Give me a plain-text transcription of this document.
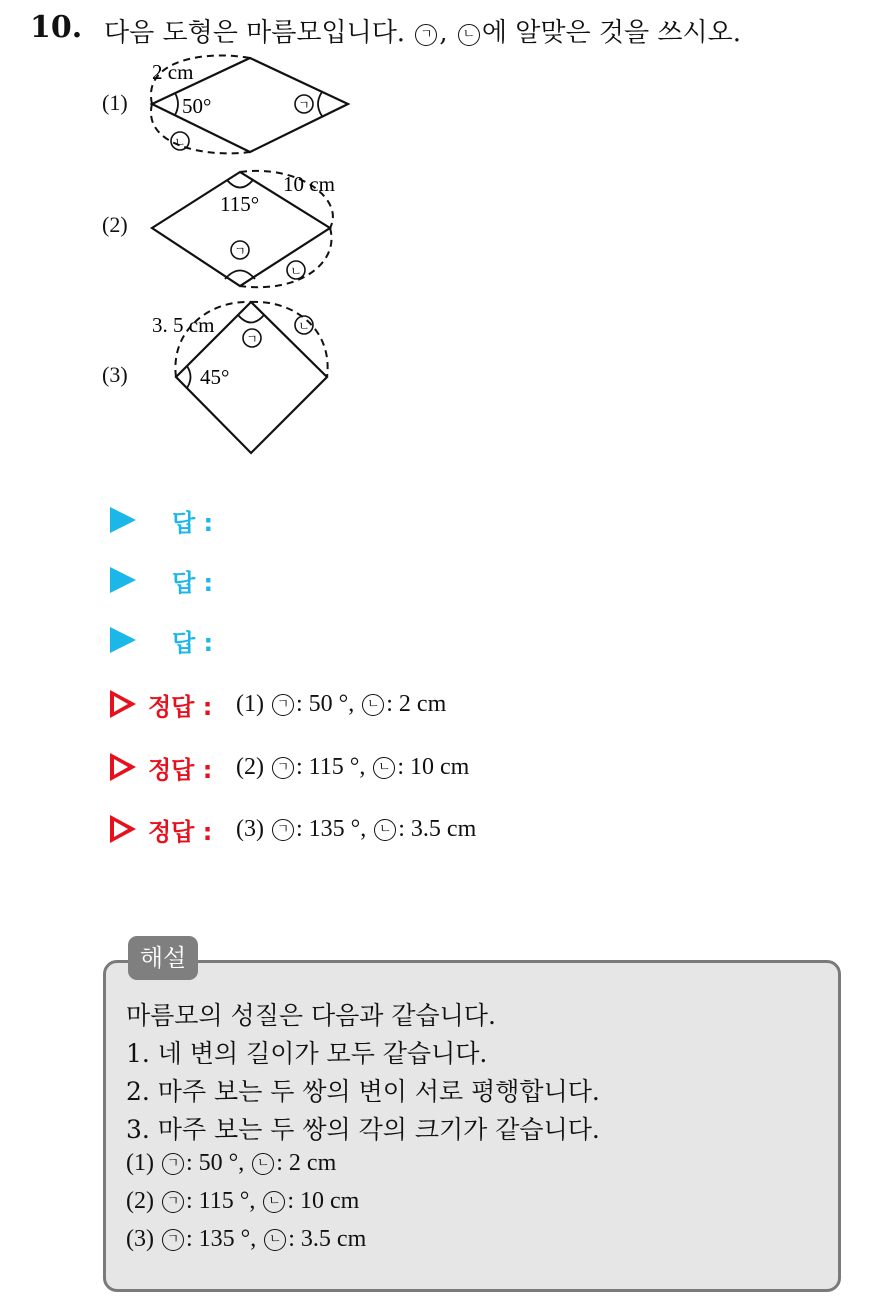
10. 다음 도형은 마름모입니다. ㄱ , ㄴ 에 알맞은 것을 쓰시오.
(1)
2 cm
50°	ㄱ
ㄴ
(2)
10 cm
115°
ㄱ
ㄴ
(3)
3. 5 cm
45°
ㄱ
ㄴ
답 :
답 :
답 :
정답 : (1) ㄱ : 50 °, ㄴ : 2 cm
정답 : (2) ㄱ : 115 °, ㄴ : 10 cm
정답 : (3) ㄱ : 135 °, ㄴ : 3.5 cm
해설
마름모의 성질은 다음과 같습니다.
1. 네 변의 길이가 모두 같습니다.
2. 마주 보는 두 쌍의 변이 서로 평행합니다.
3. 마주 보는 두 쌍의 각의 크기가 같습니다.
(1) ㄱ : 50 °, ㄴ : 2 cm
(2) ㄱ : 115 °, ㄴ : 10 cm
(3) ㄱ : 135 °, ㄴ : 3.5 cm
